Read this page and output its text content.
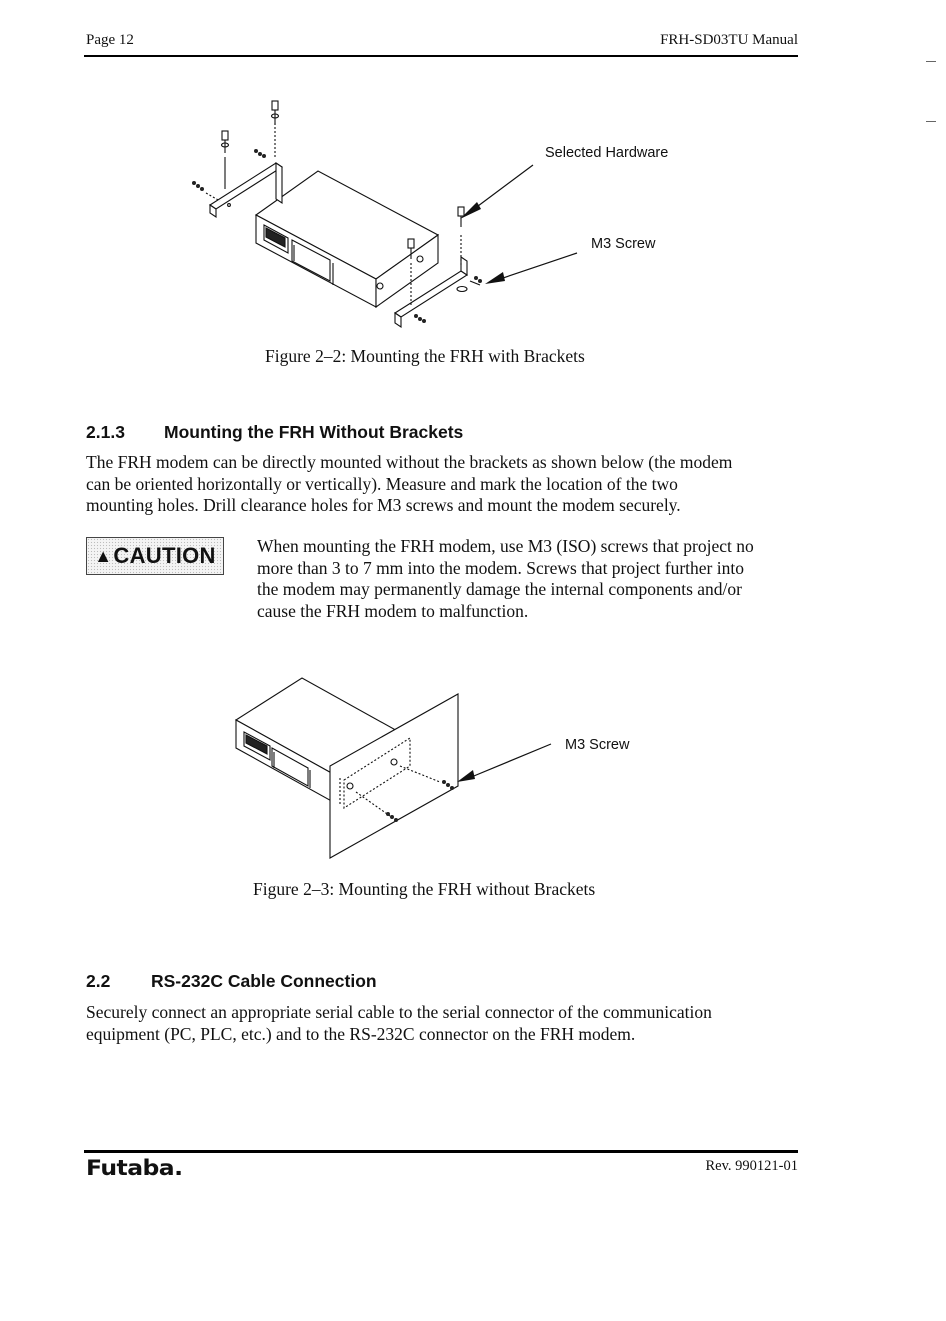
Page 12	FRH-SD03TU Manual
Selected Hardware
M3 Screw
Figure 2–2: Mounting the FRH with Brackets
2.1.3 Mounting the FRH Without Brackets
The FRH modem can be directly mounted without the brackets as shown below (the modem
can be oriented horizontally or vertically). Measure and mark the location of the two
mounting holes. Drill clearance holes for M3 screws and mount the modem securely.
▲ CAUTION When mounting the FRH modem, use M3 (ISO) screws that project no
more than 3 to 7 mm into the modem. Screws that project further into
the modem may permanently damage the internal components and/or
cause the FRH modem to malfunction.
M3 Screw
Figure 2–3: Mounting the FRH without Brackets
2.2 RS-232C Cable Connection
Securely connect an appropriate serial cable to the serial connector of the communication
equipment (PC, PLC, etc.) and to the RS-232C connector on the FRH modem.
Futaba.	Rev. 990121-01
